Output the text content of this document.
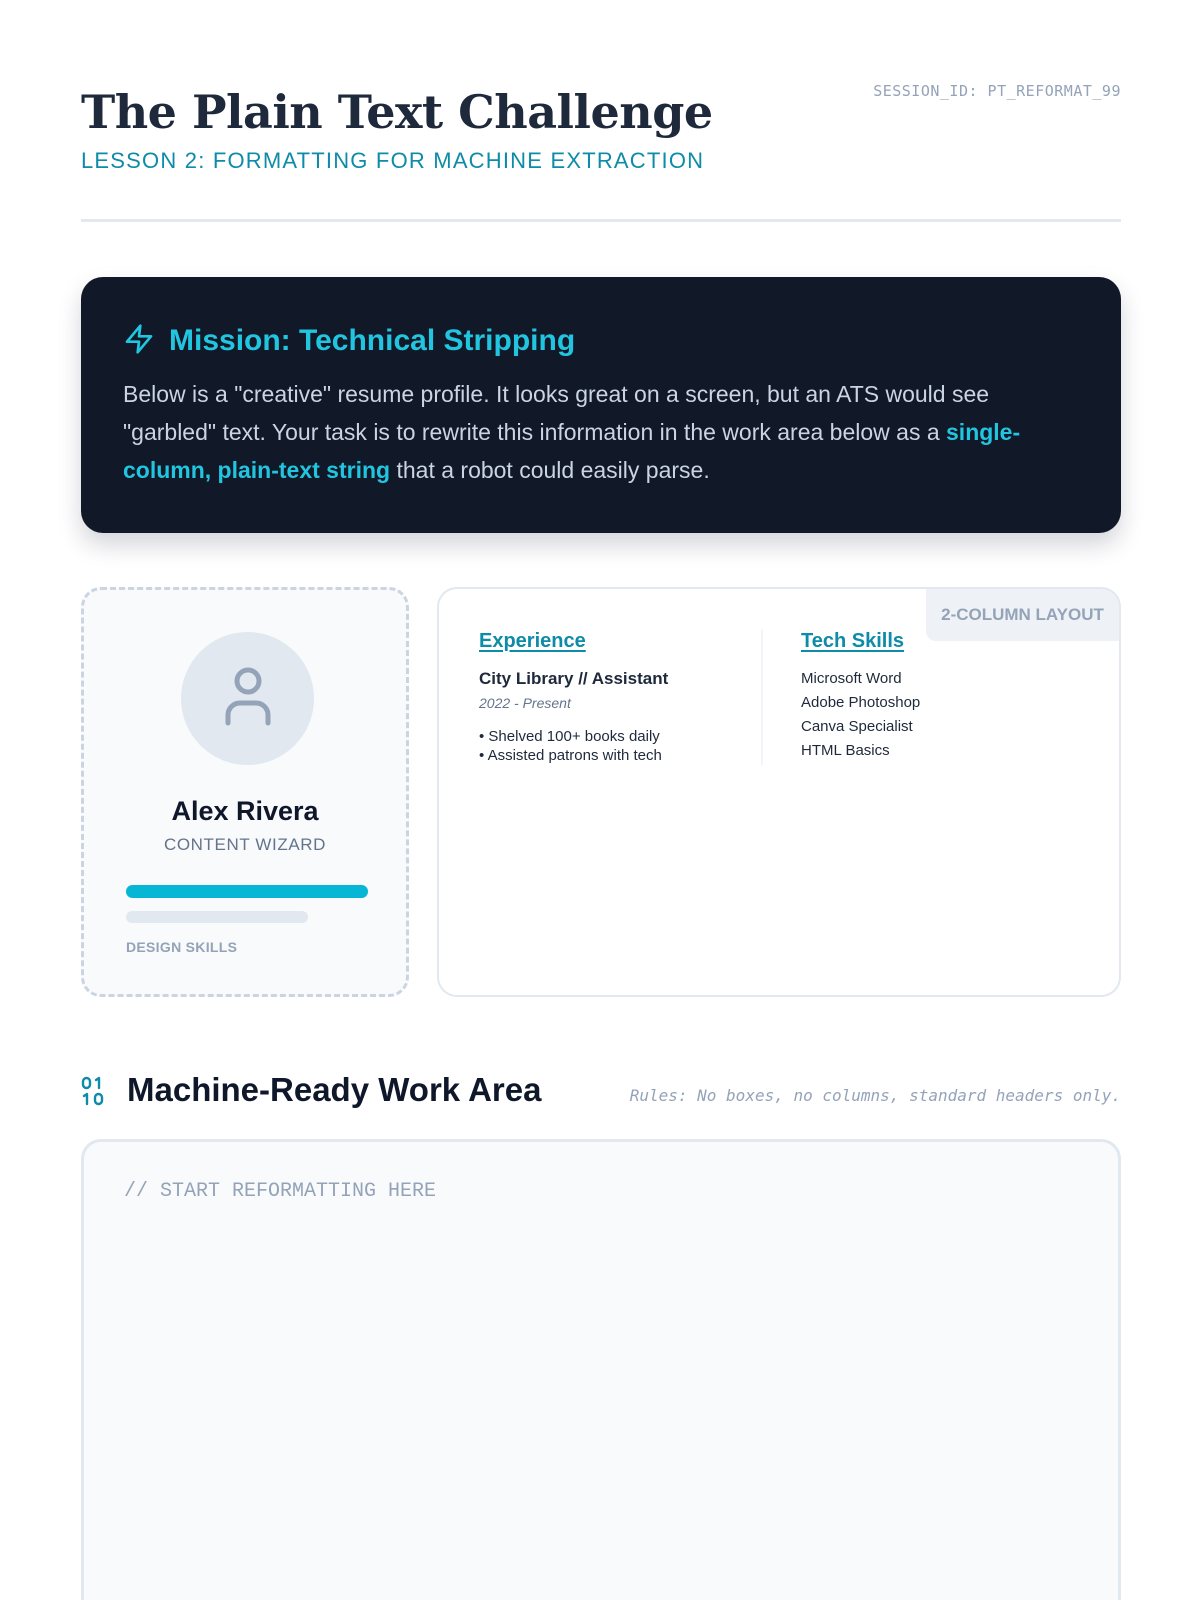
The Plain Text Challenge
LESSON 2: FORMATTING FOR MACHINE EXTRACTION
SESSION_ID: PT_REFORMAT_99
Mission: Technical Stripping

Below is a "creative" resume profile. It looks great on a screen, but an ATS would see "garbled" text. Your task is to rewrite this information in the work area below as a single-column, plain-text string that a robot could easily parse.

Alex Rivera
CONTENT WIZARD
DESIGN SKILLS
2-COLUMN LAYOUT
Experience
City Library // Assistant
2022 - Present
• Shelved 100+ books daily
• Assisted patrons with tech
Tech Skills
Microsoft Word
Adobe Photoshop
Canva Specialist
HTML Basics
Machine-Ready Work Area	Rules: No boxes, no columns, standard headers only.
// START REFORMATTING HERE
